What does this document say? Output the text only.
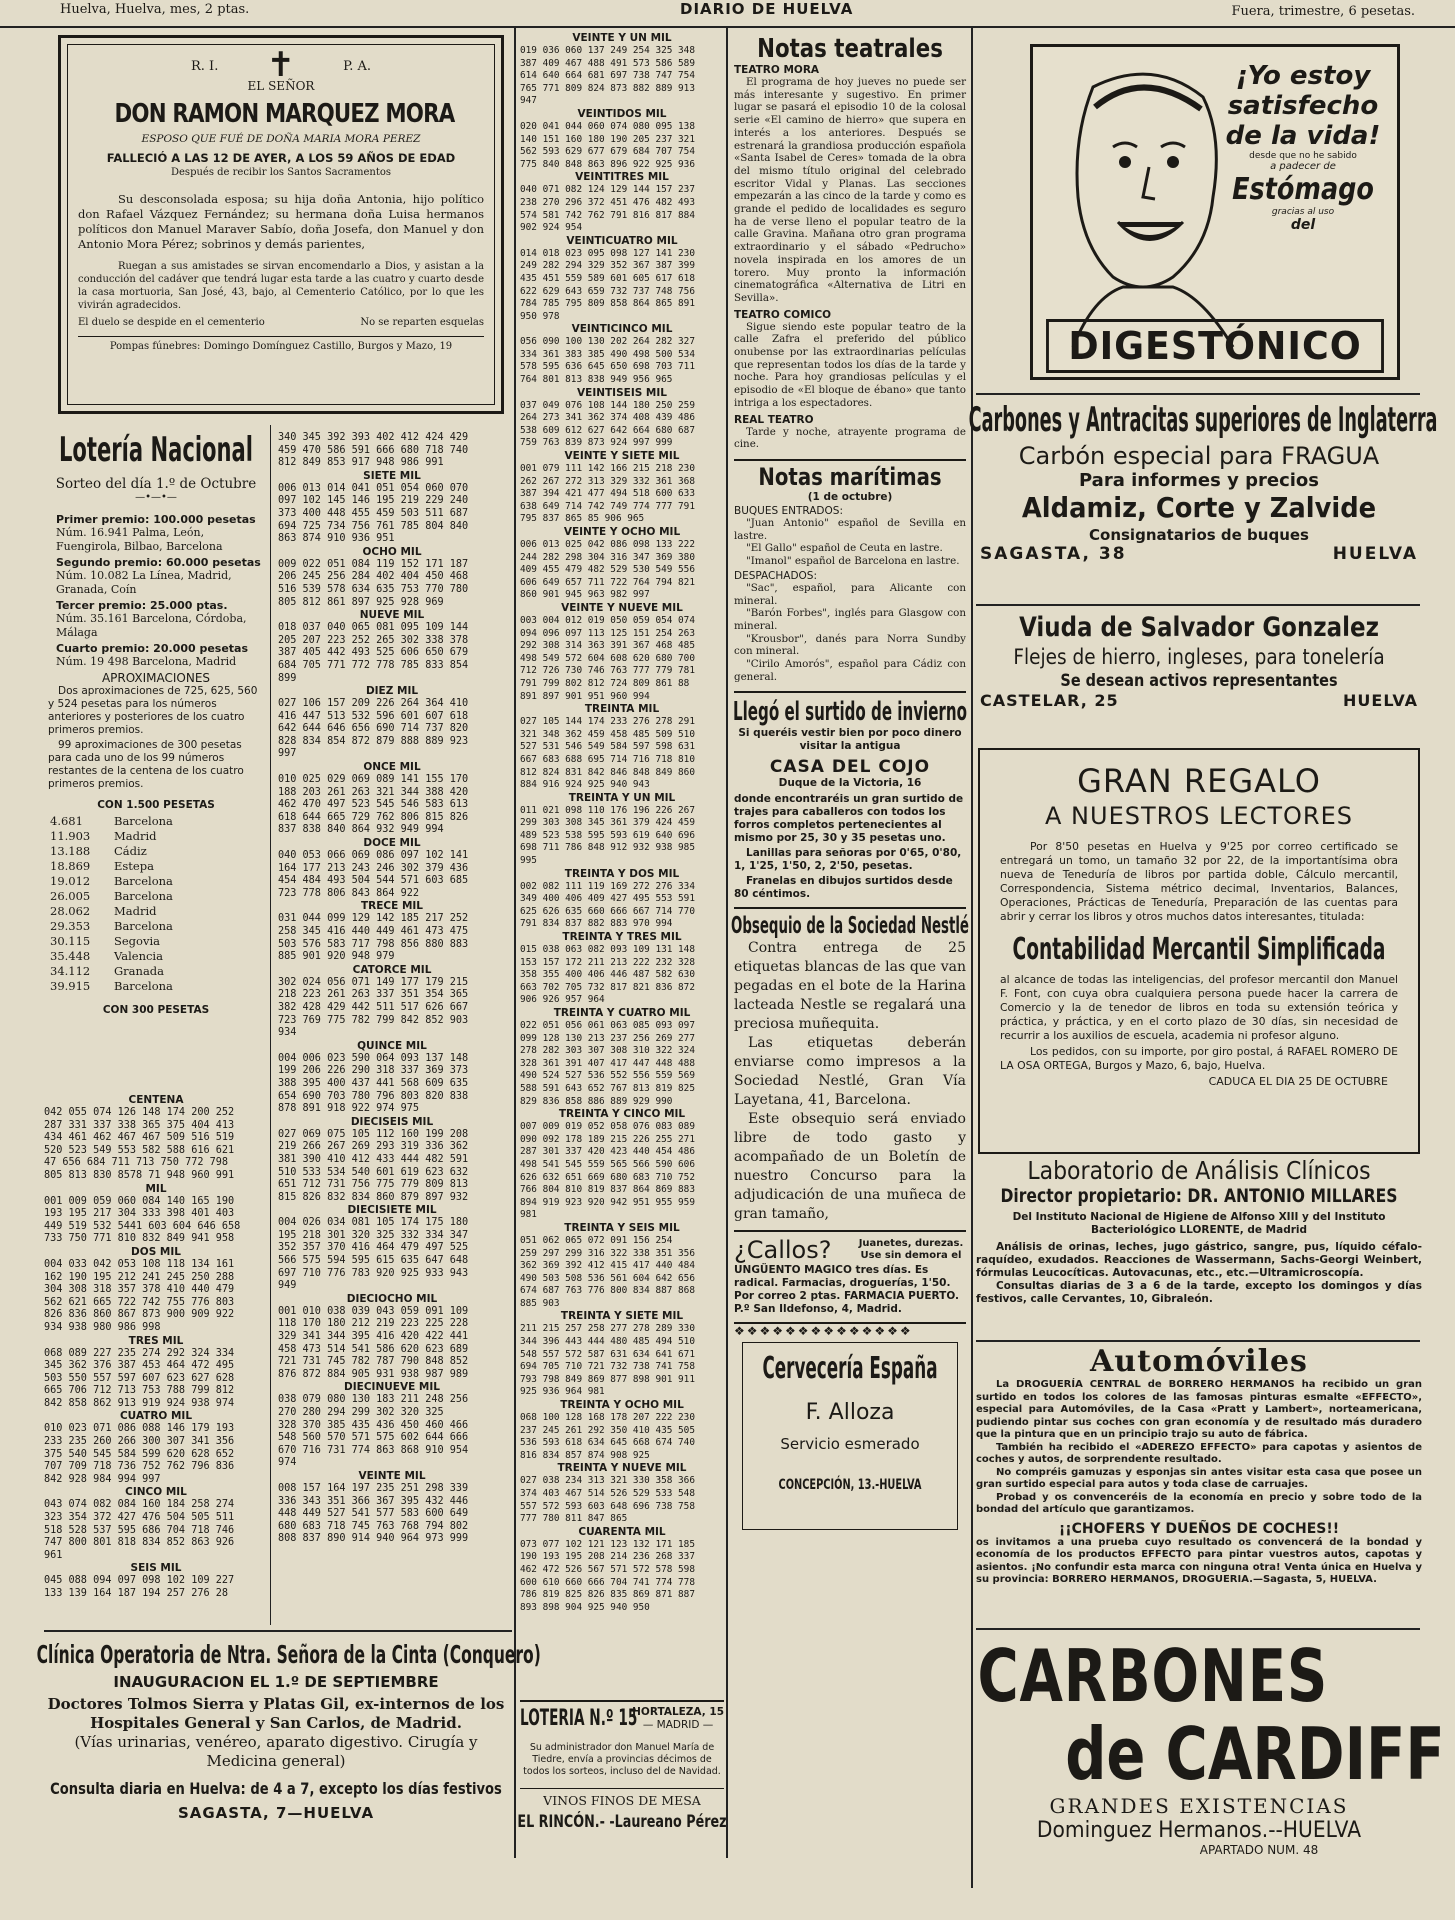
Huelva, Huelva, mes, 2 ptas.	DIARIO DE HUELVA	Fuera, trimestre, 6 pesetas.
R. I. ✝	P. A.
EL SEÑOR
DON RAMON MARQUEZ MORA
ESPOSO QUE FUÉ DE DOÑA MARIA MORA PEREZ
FALLECIÓ A LAS 12 DE AYER, A LOS 59 AÑOS DE EDAD
Después de recibir los Santos Sacramentos
Su desconsolada esposa; su hija doña Antonia, hijo político don Rafael Vázquez Fernández; su hermana doña Luisa hermanos políticos don Manuel Maraver Sabío, doña Josefa, don Manuel y don Antonio Mora Pérez; sobrinos y demás parientes,
Ruegan a sus amistades se sirvan encomendarlo a Dios, y asistan a la conducción del cadáver que tendrá lugar esta tarde a las cuatro y cuarto desde la casa mortuoria, San José, 43, bajo, al Cementerio Católico, por lo que les vivirán agradecidos.
El duelo se despide en el cementerio	No se reparten esquelas
Pompas fúnebres: Domingo Domínguez Castillo, Burgos y Mazo, 19
Lotería Nacional
Sorteo del día 1.º de Octubre
—•—•—
Primer premio: 100.000 pesetas
Núm. 16.941 Palma, León, Fuengirola, Bilbao, Barcelona
Segundo premio: 60.000 pesetas
Núm. 10.082 La Línea, Madrid, Granada, Coín
Tercer premio: 25.000 ptas.
Núm. 35.161 Barcelona, Córdoba, Málaga
Cuarto premio: 20.000 pesetas
Núm. 19 498 Barcelona, Madrid
APROXIMACIONES
Dos aproximaciones de 725, 625, 560 y 524 pesetas para los números anteriores y posteriores de los cuatro primeros premios.
99 aproximaciones de 300 pesetas para cada uno de los 99 números restantes de la centena de los cuatro primeros premios.
CON 1.500 PESETAS
4.681	Barcelona
11.903 Madrid
13.188 Cádiz
18.869 Estepa
19.012 Barcelona
26.005 Barcelona
28.062 Madrid
29.353 Barcelona
30.115 Segovia
35.448 Valencia
34.112 Granada
39.915 Barcelona
CON 300 PESETAS
CENTENA
042 055 074 126 148 174 200 252
287 331 337 338 365 375 404 413
434 461 462 467 467 509 516 519
520 523 549 553 582 588 616 621
47 656 684 711 713 750 772 798
805 813 830 8578 71 948 960 991
MIL
001 009 059 060 084 140 165 190
193 195 217 304 333 398 401 403
449 519 532 5441 603 604 646 658
733 750 771 810 832 849 941 958
DOS MIL
004 033 042 053 108 118 134 161
162 190 195 212 241 245 250 288
304 308 318 357 378 410 440 479
562 621 665 722 742 755 776 803
826 836 860 867 873 900 909 922
934 938 980 986 998
TRES MIL
068 089 227 235 274 292 324 334
345 362 376 387 453 464 472 495
503 550 557 597 607 623 627 628
665 706 712 713 753 788 799 812
842 858 862 913 919 924 938 974
CUATRO MIL
010 023 071 086 088 146 179 193
233 235 260 266 300 307 341 356
375 540 545 584 599 620 628 652
707 709 718 736 752 762 796 836
842 928 984 994 997
CINCO MIL
043 074 082 084 160 184 258 274
323 354 372 427 476 504 505 511
518 528 537 595 686 704 718 746
747 800 801 818 834 852 863 926
961
SEIS MIL
045 088 094 097 098 102 109 227
133 139 164 187 194 257 276 28
340 345 392 393 402 412 424 429
459 470 586 591 666 680 718 740
812 849 853 917 948 986 991
SIETE MIL
006 013 014 041 051 054 060 070
097 102 145 146 195 219 229 240
373 400 448 455 459 503 511 687
694 725 734 756 761 785 804 840
863 874 910 936 951
OCHO MIL
009 022 051 084 119 152 171 187
206 245 256 284 402 404 450 468
516 539 578 634 635 753 770 780
805 812 861 897 925 928 969
NUEVE MIL
018 037 040 065 081 095 109 144
205 207 223 252 265 302 338 378
387 405 442 493 525 606 650 679
684 705 771 772 778 785 833 854
899
DIEZ MIL
027 106 157 209 226 264 364 410
416 447 513 532 596 601 607 618
642 644 646 656 690 714 737 820
828 834 854 872 879 888 889 923
997
ONCE MIL
010 025 029 069 089 141 155 170
188 203 261 263 321 344 388 420
462 470 497 523 545 546 583 613
618 644 665 729 762 806 815 826
837 838 840 864 932 949 994
DOCE MIL
040 053 066 069 086 097 102 141
164 177 213 243 246 302 379 436
454 484 493 504 544 571 603 685
723 778 806 843 864 922
TRECE MIL
031 044 099 129 142 185 217 252
258 345 416 440 449 461 473 475
503 576 583 717 798 856 880 883
885 901 920 948 979
CATORCE MIL
302 024 056 071 149 177 179 215
218 223 261 263 337 351 354 365
382 428 429 442 511 517 626 667
723 769 775 782 799 842 852 903
934
QUINCE MIL
004 006 023 590 064 093 137 148
199 206 226 290 318 337 369 373
388 395 400 437 441 568 609 635
654 690 703 780 796 803 820 838
878 891 918 922 974 975
DIECISEIS MIL
027 069 075 105 112 160 199 208
219 266 267 269 293 319 336 362
381 390 410 412 433 444 482 591
510 533 534 540 601 619 623 632
651 712 731 756 775 779 809 813
815 826 832 834 860 879 897 932
DIECISIETE MIL
004 026 034 081 105 174 175 180
195 218 301 320 325 332 334 347
352 357 370 416 464 479 497 525
566 575 594 595 615 635 647 648
697 710 776 783 920 925 933 943
949
DIECIOCHO MIL
001 010 038 039 043 059 091 109
118 170 180 212 219 223 225 228
329 341 344 395 416 420 422 441
458 473 514 541 586 620 623 689
721 731 745 782 787 790 848 852
876 872 884 905 931 938 987 989
DIECINUEVE MIL
038 079 080 130 183 211 248 256
270 280 294 299 302 320 325
328 370 385 435 436 450 460 466
548 560 570 571 575 602 644 666
670 716 731 774 863 868 910 954
974
VEINTE MIL
008 157 164 197 235 251 298 339
336 343 351 366 367 395 432 446
448 449 527 541 577 583 600 649
680 683 718 745 763 768 794 802
808 837 890 914 940 964 973 999
Clínica Operatoria de Ntra. Señora de la Cinta (Conquero)
INAUGURACION EL 1.º DE SEPTIEMBRE
Doctores Tolmos Sierra y Platas Gil, ex-internos de los Hospitales General y San Carlos, de Madrid.
(Vías urinarias, venéreo, aparato digestivo. Cirugía y Medicina general)
Consulta diaria en Huelva: de 4 a 7, excepto los días festivos
SAGASTA, 7—HUELVA
VEINTE Y UN MIL
019 036 060 137 249 254 325 348
387 409 467 488 491 573 586 589
614 640 664 681 697 738 747 754
765 771 809 824 873 882 889 913
947
VEINTIDOS MIL
020 041 044 060 074 080 095 138
140 151 160 180 190 205 237 321
562 593 629 677 679 684 707 754
775 840 848 863 896 922 925 936
VEINTITRES MIL
040 071 082 124 129 144 157 237
238 270 296 372 451 476 482 493
574 581 742 762 791 816 817 884
902 924 954
VEINTICUATRO MIL
014 018 023 095 098 127 141 230
249 282 294 329 352 367 387 399
435 451 559 589 601 605 617 618
622 629 643 659 732 737 748 756
784 785 795 809 858 864 865 891
950 978
VEINTICINCO MIL
056 090 100 130 202 264 282 327
334 361 383 385 490 498 500 534
578 595 636 645 650 698 703 711
764 801 813 838 949 956 965
VEINTISEIS MIL
037 049 076 108 144 180 250 259
264 273 341 362 374 408 439 486
538 609 612 627 642 664 680 687
759 763 839 873 924 997 999
VEINTE Y SIETE MIL
001 079 111 142 166 215 218 230
262 267 272 313 329 332 361 368
387 394 421 477 494 518 600 633
638 649 714 742 749 774 777 791
795 837 865 85 906 965
VEINTE Y OCHO MIL
006 013 025 042 086 098 133 222
244 282 298 304 316 347 369 380
409 455 479 482 529 530 549 556
606 649 657 711 722 764 794 821
860 901 945 963 982 997
VEINTE Y NUEVE MIL
003 004 012 019 050 059 054 074
094 096 097 113 125 151 254 263
292 308 314 363 391 367 468 485
498 549 572 604 608 620 680 700
712 726 730 746 763 777 779 781
791 799 802 812 724 809 861 88
891 897 901 951 960 994
TREINTA MIL
027 105 144 174 233 276 278 291
321 348 362 459 458 485 509 510
527 531 546 549 584 597 598 631
667 683 688 695 714 716 718 810
812 824 831 842 846 848 849 860
884 916 924 925 940 943
TREINTA Y UN MIL
011 021 098 110 176 196 226 267
299 303 308 345 361 379 424 459
489 523 538 595 593 619 640 696
698 711 786 848 912 932 938 985
995
TREINTA Y DOS MIL
002 082 111 119 169 272 276 334
349 400 406 409 427 495 553 591
625 626 635 660 666 667 714 770
791 834 837 882 883 970 994
TREINTA Y TRES MIL
015 038 063 082 093 109 131 148
153 157 172 211 213 222 232 328
358 355 400 406 446 487 582 630
663 702 705 732 817 821 836 872
906 926 957 964
TREINTA Y CUATRO MIL
022 051 056 061 063 085 093 097
099 128 130 213 237 256 269 277
278 282 303 307 308 310 322 324
328 361 391 407 417 447 448 488
490 524 527 536 552 556 559 569
588 591 643 652 767 813 819 825
829 836 858 886 889 929 990
TREINTA Y CINCO MIL
007 009 019 052 058 076 083 089
090 092 178 189 215 226 255 271
287 301 337 420 423 440 454 486
498 541 545 559 565 566 590 606
626 632 651 669 680 683 710 752
766 804 810 819 837 864 869 883
894 919 923 920 942 951 955 959
981
TREINTA Y SEIS MIL
051 062 065 072 091 156 254
259 297 299 316 322 338 351 356
362 369 392 412 415 417 440 484
490 503 508 536 561 604 642 656
674 687 763 776 800 834 887 868
885 903
TREINTA Y SIETE MIL
211 215 257 258 277 278 289 330
344 396 443 444 480 485 494 510
548 557 572 587 631 634 641 671
694 705 710 721 732 738 741 758
793 798 849 869 877 898 901 911
925 936 964 981
TREINTA Y OCHO MIL
068 100 128 168 178 207 222 230
237 245 261 292 350 410 435 505
536 593 618 634 645 668 674 740
816 834 857 874 908 925
TREINTA Y NUEVE MIL
027 038 234 313 321 330 358 366
374 403 467 514 526 529 533 548
557 572 593 603 648 696 738 758
777 780 811 847 865
CUARENTA MIL
073 077 102 121 123 132 171 185
190 193 195 208 214 236 268 337
462 472 526 567 571 572 578 598
600 610 660 666 704 741 774 778
786 819 825 826 835 869 871 887
893 898 904 925 940 950
LOTERIA N.º 15
HORTALEZA, 15
— MADRID —
Su administrador don Manuel María de Tiedre, envía a provincias décimos de todos los sorteos, incluso del de Navidad.
VINOS FINOS DE MESA
EL RINCÓN.- -Laureano Pérez
Notas teatrales
TEATRO MORA
El programa de hoy jueves no puede ser más interesante y sugestivo. En primer lugar se pasará el episodio 10 de la colosal serie «El camino de hierro» que supera en interés a los anteriores. Después se estrenará la grandiosa producción española «Santa Isabel de Ceres» tomada de la obra del mismo título original del celebrado escritor Vidal y Planas. Las secciones empezarán a las cinco de la tarde y como es grande el pedido de localidades es seguro ha de verse lleno el popular teatro de la calle Gravina. Mañana otro gran programa extraordinario y el sábado «Pedrucho» novela inspirada en los amores de un torero. Muy pronto la información cinematográfica «Alternativa de Litri en Sevilla».
TEATRO COMICO
Sigue siendo este popular teatro de la calle Zafra el preferido del público onubense por las extraordinarias películas que representan todos los días de la tarde y noche. Para hoy grandiosas películas y el episodio de «El bloque de ébano» que tanto intriga a los espectadores.
REAL TEATRO
Tarde y noche, atrayente programa de cine.
Notas marítimas
(1 de octubre)
BUQUES ENTRADOS:
"Juan Antonio" español de Sevilla en lastre.
"El Gallo" español de Ceuta en lastre.
"Imanol" español de Barcelona en lastre.
DESPACHADOS:
"Sac", español, para Alicante con mineral.
"Barón Forbes", inglés para Glasgow con mineral.
"Krousbor", danés para Norra Sundby con mineral.
"Cirilo Amorós", español para Cádiz con general.
Llegó el surtido de invierno
Si queréis vestir bien por poco dinero visitar la antigua
CASA DEL COJO
Duque de la Victoria, 16
donde encontraréis un gran surtido de trajes para caballeros con todos los forros completos pertenecientes al mismo por 25, 30 y 35 pesetas uno.
Lanillas para señoras por 0'65, 0'80, 1, 1'25, 1'50, 2, 2'50, pesetas.
Franelas en dibujos surtidos desde 80 céntimos.
Obsequio de la Sociedad Nestlé
Contra entrega de 25 etiquetas blancas de las que van pegadas en el bote de la Harina lacteada Nestle se regalará una preciosa muñequita.
Las etiquetas deberán enviarse como impresos a la Sociedad Nestlé, Gran Vía Layetana, 41, Barcelona.
Este obsequio será enviado libre de todo gasto y acompañado de un Boletín de nuestro Concurso para la adjudicación de una muñeca de gran tamaño,
¿Callos?	Juanetes, durezas. Use sin demora el
UNGÜENTO MAGICO tres días. Es radical. Farmacias, droguerías, 1'50. Por correo 2 ptas. FARMACIA PUERTO. P.º San Ildefonso, 4, Madrid.
❖❖❖❖❖❖❖❖❖❖❖❖❖❖
Cervecería España
F. Alloza
Servicio esmerado
CONCEPCIÓN, 13.-HUELVA
¡Yo estoy
satisfecho
de la vida!
desde que no he sabido
a padecer de
Estómago
gracias al uso
del
DIGESTÓNICO
Carbones y Antracitas superiores de Inglaterra
Carbón especial para FRAGUA
Para informes y precios
Aldamiz, Corte y Zalvide
Consignatarios de buques
SAGASTA, 38	HUELVA
Viuda de Salvador Gonzalez
Flejes de hierro, ingleses, para tonelería
Se desean activos representantes
CASTELAR, 25	HUELVA
GRAN REGALO
A NUESTROS LECTORES
Por 8'50 pesetas en Huelva y 9'25 por correo certificado se entregará un tomo, un tamaño 32 por 22, de la importantísima obra nueva de Teneduría de libros por partida doble, Cálculo mercantil, Correspondencia, Sistema métrico decimal, Inventarios, Balances, Operaciones, Prácticas de Teneduría, Preparación de las cuentas para abrir y cerrar los libros y otros muchos datos interesantes, titulada:
Contabilidad Mercantil Simplificada
al alcance de todas las inteligencias, del profesor mercantil don Manuel F. Font, con cuya obra cualquiera persona puede hacer la carrera de Comercio y la de tenedor de libros en toda su extensión teórica y práctica, y práctica, y en el corto plazo de 30 días, sin necesidad de recurrir a los auxilios de escuela, academia ni profesor alguno.
Los pedidos, con su importe, por giro postal, á RAFAEL ROMERO DE LA OSA ORTEGA, Burgos y Mazo, 6, bajo, Huelva.
CADUCA EL DIA 25 DE OCTUBRE
Laboratorio de Análisis Clínicos
Director propietario: DR. ANTONIO MILLARES
Del Instituto Nacional de Higiene de Alfonso XIII y del Instituto Bacteriológico LLORENTE, de Madrid
Análisis de orinas, leches, jugo gástrico, sangre, pus, líquido céfalo-raquídeo, exudados. Reacciones de Wassermann, Sachs-Georgi Weinbert, fórmulas Leucocíticas. Autovacunas, etc., etc.—Ultramicroscopía.
Consultas diarias de 3 a 6 de la tarde, excepto los domingos y días festivos, calle Cervantes, 10, Gibraleón.
Automóviles
La DROGUERÍA CENTRAL de BORRERO HERMANOS ha recibido un gran surtido en todos los colores de las famosas pinturas esmalte «EFFECTO», especial para Automóviles, de la Casa «Pratt y Lambert», norteamericana, pudiendo pintar sus coches con gran economía y de resultado más duradero que la pintura que en un principio trajo su auto de fábrica.
También ha recibido el «ADEREZO EFFECTO» para capotas y asientos de coches y autos, de sorprendente resultado.
No compréis gamuzas y esponjas sin antes visitar esta casa que posee un gran surtido especial para autos y toda clase de carruajes.
Probad y os convenceréis de la economía en precio y sobre todo de la bondad del artículo que garantizamos.
¡¡CHOFERS Y DUEÑOS DE COCHES!!
os invitamos a una prueba cuyo resultado os convencerá de la bondad y economía de los productos EFFECTO para pintar vuestros autos, capotas y asientos. ¡No confundir esta marca con ninguna otra! Venta única en Huelva y su provincia: BORRERO HERMANOS, DROGUERIA.—Sagasta, 5, HUELVA.
CARBONES
de CARDIFF
GRANDES EXISTENCIAS
Dominguez Hermanos.--HUELVA
APARTADO NUM. 48
